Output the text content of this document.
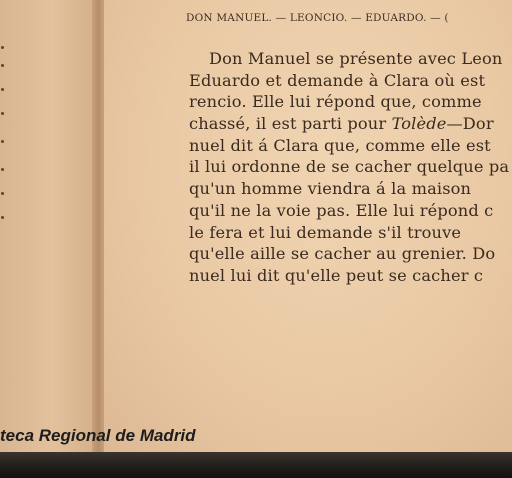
DON MANUEL. — LEONCIO. — EDUARDO. — (
Don Manuel se présente avec Leon
Eduardo et demande à Clara où est
rencio. Elle lui répond que, comme
chassé, il est parti pour Tolède—Dor
nuel dit á Clara que, comme elle est
il lui ordonne de se cacher quelque pa
qu'un homme viendra á la maison
qu'il ne la voie pas. Elle lui répond c
le fera et lui demande s'il trouve
qu'elle aille se cacher au grenier. Do
nuel lui dit qu'elle peut se cacher c
teca Regional de Madrid
